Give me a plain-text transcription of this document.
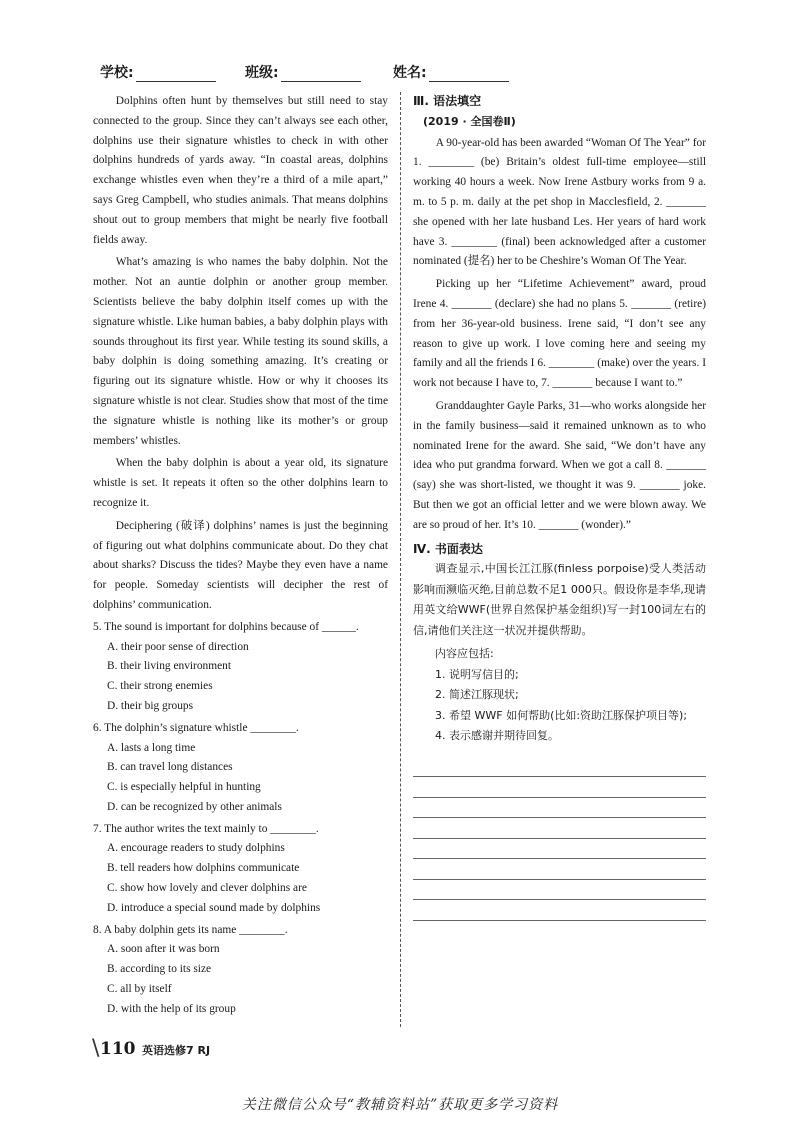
学校:	班级:	姓名:

Dolphins often hunt by themselves but still need to stay connected to the group. Since they can’t always see each other, dolphins use their signature whistles to check in with other dolphins hundreds of yards away. “In coastal areas, dolphins exchange whistles even when they’re a third of a mile apart,” says Greg Campbell, who studies animals. That means dolphins shout out to group members that might be nearly five football fields away.

What’s amazing is who names the baby dolphin. Not the mother. Not an auntie dolphin or another group member. Scientists believe the baby dolphin itself comes up with the signature whistle. Like human babies, a baby dolphin plays with sounds throughout its first year. While testing its sound skills, a baby dolphin is doing something amazing. It’s creating or figuring out its signature whistle. How or why it chooses its signature whistle is not clear. Studies show that most of the time the signature whistle is nothing like its mother’s or group members’ whistles.

When the baby dolphin is about a year old, its signature whistle is set. It repeats it often so the other dolphins learn to recognize it.

Deciphering (破译) dolphins’ names is just the beginning of figuring out what dolphins communicate about. Do they chat about sharks? Discuss the tides? Maybe they even have a name for people. Someday scientists will decipher the rest of dolphins’ communication.

5. The sound is important for dolphins because of ______.
A. their poor sense of direction
B. their living environment
C. their strong enemies
D. their big groups
6. The dolphin’s signature whistle ________.
A. lasts a long time
B. can travel long distances
C. is especially helpful in hunting
D. can be recognized by other animals
7. The author writes the text mainly to ________.
A. encourage readers to study dolphins
B. tell readers how dolphins communicate
C. show how lovely and clever dolphins are
D. introduce a special sound made by dolphins
8. A baby dolphin gets its name ________.
A. soon after it was born
B. according to its size
C. all by itself
D. with the help of its group
Ⅲ. 语法填空
(2019 · 全国卷Ⅱ)

A 90-year-old has been awarded “Woman Of The Year” for 1. ________ (be) Britain’s oldest full-time employee—still working 40 hours a week. Now Irene Astbury works from 9 a. m. to 5 p. m. daily at the pet shop in Macclesfield, 2. _______ she opened with her late husband Les. Her years of hard work have 3. ________ (final) been acknowledged after a customer nominated (提名) her to be Cheshire’s Woman Of The Year.

Picking up her “Lifetime Achievement” award, proud Irene 4. _______ (declare) she had no plans 5. _______ (retire) from her 36-year-old business. Irene said, “I don’t see any reason to give up work. I love coming here and seeing my family and all the friends I 6. ________ (make) over the years. I work not because I have to, 7. _______ because I want to.”

Granddaughter Gayle Parks, 31—who works alongside her in the family business—said it remained unknown as to who nominated Irene for the award. She said, “We don’t have any idea who put grandma forward. When we got a call 8. _______ (say) she was short-listed, we thought it was 9. _______ joke. But then we got an official letter and we were blown away. We are so proud of her. It’s 10. _______ (wonder).”

Ⅳ. 书面表达

调查显示,中国长江江豚(finless porpoise)受人类活动影响而濒临灭绝,目前总数不足1 000只。假设你是李华,现请用英文给WWF(世界自然保护基金组织)写一封100词左右的信,请他们关注这一状况并提供帮助。

内容应包括:

1. 说明写信目的;
2. 简述江豚现状;
3. 希望 WWF 如何帮助(比如:资助江豚保护项目等);
4. 表示感谢并期待回复。
\ 110 英语选修7 RJ
关注微信公众号“教辅资料站”获取更多学习资料
